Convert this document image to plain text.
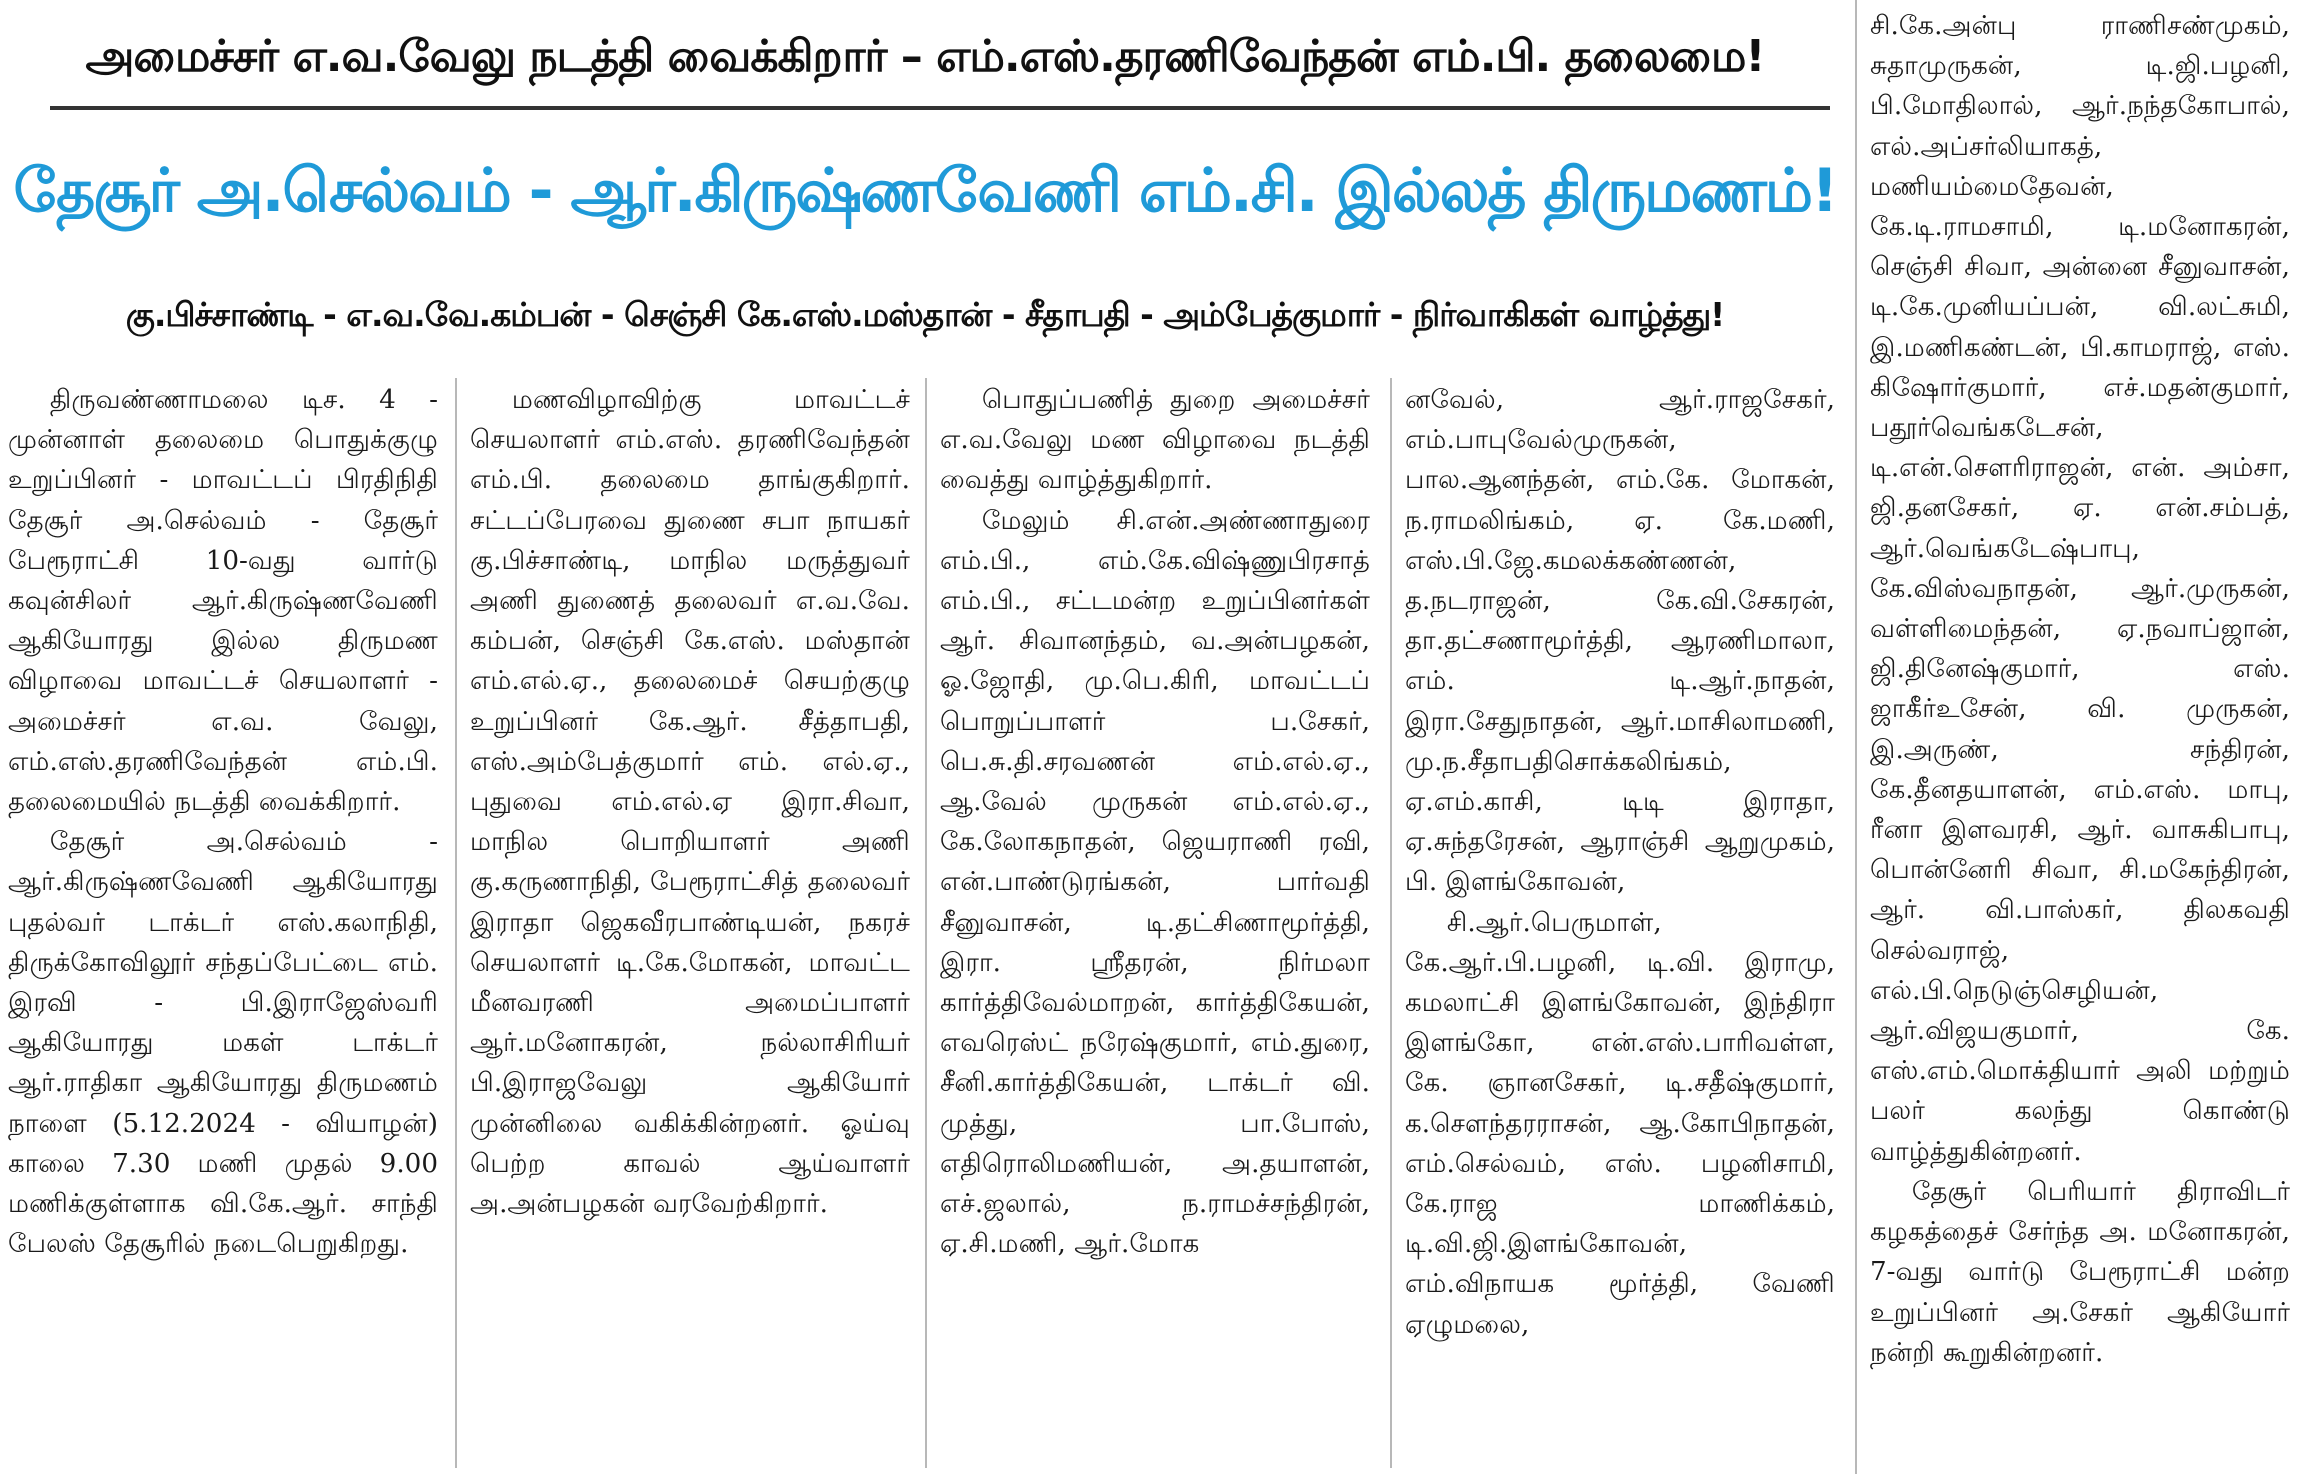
அமைச்சர் எ.வ.வேலு நடத்தி வைக்கிறார் – எம்.எஸ்.தரணிவேந்தன் எம்.பி. தலைமை!
தேசூர் அ.செல்வம் - ஆர்.கிருஷ்ணவேணி எம்.சி. இல்லத் திருமணம்!
கு.பிச்சாண்டி - எ.வ.வே.கம்பன் - செஞ்சி கே.எஸ்.மஸ்தான் - சீதாபதி - அம்பேத்குமார் - நிர்வாகிகள் வாழ்த்து!

திருவண்ணாமலை டிச. 4 - முன்னாள் தலைமை பொதுக்குழு உறுப்பினர் - மாவட்டப் பிரதிநிதி தேசூர் அ.செல்வம் - தேசூர் பேரூராட்சி 10-வது வார்டு கவுன்சிலர் ஆர்.கிருஷ்ணவேணி ஆகியோரது இல்ல திருமண விழாவை மாவட்டச் செயலாளர் - அமைச்சர் எ.வ. வேலு, எம்.எஸ்.தரணிவேந்தன் எம்.பி. தலைமையில் நடத்தி வைக்கிறார்.

தேசூர் அ.செல்வம் - ஆர்.கிருஷ்ணவேணி ஆகியோரது புதல்வர் டாக்டர் எஸ்.கலாநிதி, திருக்கோவிலூர் சந்தப்பேட்டை எம். இரவி - பி.இராஜேஸ்வரி ஆகியோரது மகள் டாக்டர் ஆர்.ராதிகா ஆகியோரது திருமணம் நாளை (5.12.2024 - வியாழன்) காலை 7.30 மணி முதல் 9.00 மணிக்குள்ளாக வி.கே.ஆர். சாந்தி பேலஸ் தேசூரில் நடைபெறுகிறது.

மணவிழாவிற்கு மாவட்டச் செயலாளர் எம்.எஸ். தரணிவேந்தன் எம்.பி. தலைமை தாங்குகிறார். சட்டப்பேரவை துணை சபா நாயகர் கு.பிச்சாண்டி, மாநில மருத்துவர் அணி துணைத் தலைவர் எ.வ.வே. கம்பன், செஞ்சி கே.எஸ். மஸ்தான் எம்.எல்.ஏ., தலைமைச் செயற்குழு உறுப்பினர் கே.ஆர். சீத்தாபதி, எஸ்.அம்பேத்குமார் எம். எல்.ஏ., புதுவை எம்.எல்.ஏ இரா.சிவா, மாநில பொறியாளர் அணி கு.கருணாநிதி, பேரூராட்சித் தலைவர் இராதா ஜெகவீரபாண்டியன், நகரச் செயலாளர் டி.கே.மோகன், மாவட்ட மீனவரணி அமைப்பாளர் ஆர்.மனோகரன், நல்லாசிரியர் பி.இராஜவேலு ஆகியோர் முன்னிலை வகிக்கின்றனர். ஓய்வு பெற்ற காவல் ஆய்வாளர் அ.அன்பழகன் வரவேற்கிறார்.

பொதுப்பணித் துறை அமைச்சர் எ.வ.வேலு மண விழாவை நடத்தி வைத்து வாழ்த்துகிறார்.

மேலும் சி.என்.அண்ணாதுரை எம்.பி., எம்.கே.விஷ்ணுபிரசாத் எம்.பி., சட்டமன்ற உறுப்பினர்கள் ஆர். சிவானந்தம், வ.அன்பழகன், ஓ.ஜோதி, மு.பெ.கிரி, மாவட்டப் பொறுப்பாளர் ப.சேகர், பெ.சு.தி.சரவணன் எம்.எல்.ஏ., ஆ.வேல் முருகன் எம்.எல்.ஏ., கே.லோகநாதன், ஜெயராணி ரவி, என்.பாண்டுரங்கன், பார்வதி சீனுவாசன், டி.தட்சிணாமூர்த்தி, இரா. ஸ்ரீதரன், நிர்மலா கார்த்திவேல்மாறன், கார்த்திகேயன், எவரெஸ்ட் நரேஷ்குமார், எம்.துரை, சீனி.கார்த்திகேயன், டாக்டர் வி. முத்து, பா.போஸ், எதிரொலிமணியன், அ.தயாளன், எச்.ஜலால், ந.ராமச்சந்திரன், ஏ.சி.மணி, ஆர்.மோக

னவேல், ஆர்.ராஜசேகர், எம்.பாபுவேல்முருகன், பால.ஆனந்தன், எம்.கே. மோகன், ந.ராமலிங்கம், ஏ. கே.மணி, எஸ்.பி.ஜே.கமலக்கண்ணன், த.நடராஜன், கே.வி.சேகரன், தா.தட்சணாமூர்த்தி, ஆரணிமாலா, எம். டி.ஆர்.நாதன், இரா.சேதுநாதன், ஆர்.மாசிலாமணி, மு.ந.சீதாபதிசொக்கலிங்கம், ஏ.எம்.காசி, டிடி இராதா, ஏ.சுந்தரேசன், ஆராஞ்சி ஆறுமுகம், பி. இளங்கோவன்,

சி.ஆர்.பெருமாள், கே.ஆர்.பி.பழனி, டி.வி. இராமு, கமலாட்சி இளங்கோவன், இந்திரா இளங்கோ, என்.எஸ்.பாரிவள்ள, கே. ஞானசேகர், டி.சதீஷ்குமார், க.சௌந்தரராசன், ஆ.கோபிநாதன், எம்.செல்வம், எஸ். பழனிசாமி, கே.ராஜ மாணிக்கம், டி.வி.ஜி.இளங்கோவன், எம்.விநாயக மூர்த்தி, வேணி ஏழுமலை,

சி.கே.அன்பு ராணிசண்முகம், சுதாமுருகன், டி.ஜி.பழனி, பி.மோதிலால், ஆர்.நந்தகோபால், எல்.அப்சர்லியாகத், மணியம்மைதேவன், கே.டி.ராமசாமி, டி.மனோகரன், செஞ்சி சிவா, அன்னை சீனுவாசன், டி.கே.முனியப்பன், வி.லட்சுமி, இ.மணிகண்டன், பி.காமராஜ், எஸ். கிஷோர்குமார், எச்.மதன்குமார், பதூர்வெங்கடேசன், டி.என்.சௌரிராஜன், என். அம்சா, ஜி.தனசேகர், ஏ. என்.சம்பத், ஆர்.வெங்கடேஷ்பாபு, கே.விஸ்வநாதன், ஆர்.முருகன், வள்ளிமைந்தன், ஏ.நவாப்ஜான், ஜி.தினேஷ்குமார், எஸ். ஜாகீர்உசேன், வி. முருகன், இ.அருண், சந்திரன், கே.தீனதயாளன், எம்.எஸ். மாபு, ரீனா இளவரசி, ஆர். வாசுகிபாபு, பொன்னேரி சிவா, சி.மகேந்திரன், ஆர். வி.பாஸ்கர், திலகவதி செல்வராஜ், எல்.பி.நெடுஞ்செழியன், ஆர்.விஜயகுமார், கே. எஸ்.எம்.மொக்தியார் அலி மற்றும் பலர் கலந்து கொண்டு வாழ்த்துகின்றனர்.

தேசூர் பெரியார் திராவிடர் கழகத்தைச் சேர்ந்த அ. மனோகரன், 7-வது வார்டு பேரூராட்சி மன்ற உறுப்பினர் அ.சேகர் ஆகியோர் நன்றி கூறுகின்றனர்.
